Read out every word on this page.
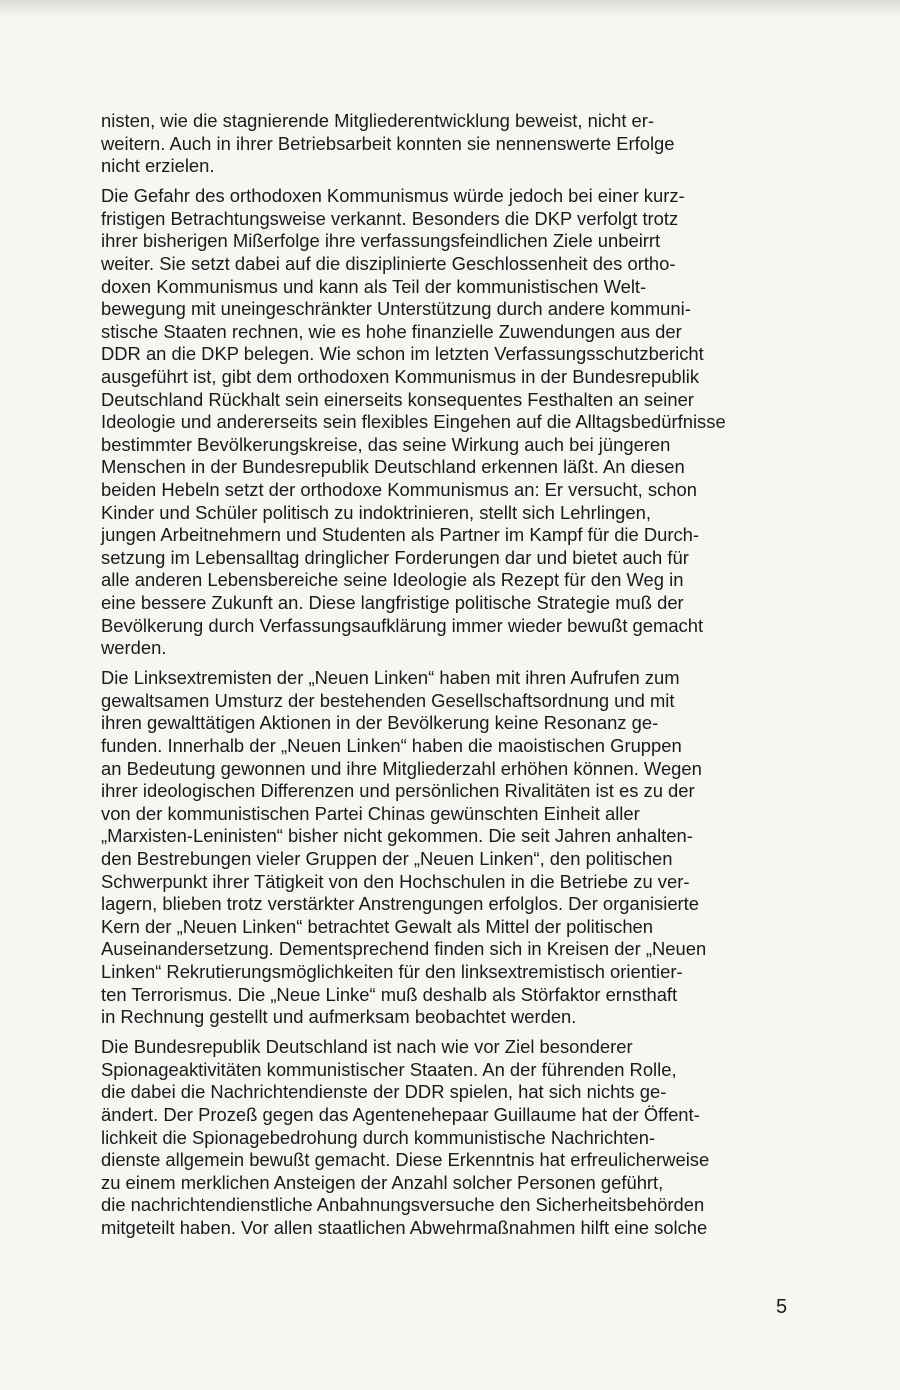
nisten, wie die stagnierende Mitgliederentwicklung beweist, nicht er-
weitern. Auch in ihrer Betriebsarbeit konnten sie nennenswerte Erfolge
nicht erzielen.
Die Gefahr des orthodoxen Kommunismus würde jedoch bei einer kurz-
fristigen Betrachtungsweise verkannt. Besonders die DKP verfolgt trotz
ihrer bisherigen Mißerfolge ihre verfassungsfeindlichen Ziele unbeirrt
weiter. Sie setzt dabei auf die disziplinierte Geschlossenheit des ortho-
doxen Kommunismus und kann als Teil der kommunistischen Welt-
bewegung mit uneingeschränkter Unterstützung durch andere kommuni-
stische Staaten rechnen, wie es hohe finanzielle Zuwendungen aus der
DDR an die DKP belegen. Wie schon im letzten Verfassungsschutzbericht
ausgeführt ist, gibt dem orthodoxen Kommunismus in der Bundesrepublik
Deutschland Rückhalt sein einerseits konsequentes Festhalten an seiner
Ideologie und andererseits sein flexibles Eingehen auf die Alltagsbedürfnisse
bestimmter Bevölkerungskreise, das seine Wirkung auch bei jüngeren
Menschen in der Bundesrepublik Deutschland erkennen läßt. An diesen
beiden Hebeln setzt der orthodoxe Kommunismus an: Er versucht, schon
Kinder und Schüler politisch zu indoktrinieren, stellt sich Lehrlingen,
jungen Arbeitnehmern und Studenten als Partner im Kampf für die Durch-
setzung im Lebensalltag dringlicher Forderungen dar und bietet auch für
alle anderen Lebensbereiche seine Ideologie als Rezept für den Weg in
eine bessere Zukunft an. Diese langfristige politische Strategie muß der
Bevölkerung durch Verfassungsaufklärung immer wieder bewußt gemacht
werden.
Die Linksextremisten der „Neuen Linken“ haben mit ihren Aufrufen zum
gewaltsamen Umsturz der bestehenden Gesellschaftsordnung und mit
ihren gewalttätigen Aktionen in der Bevölkerung keine Resonanz ge-
funden. Innerhalb der „Neuen Linken“ haben die maoistischen Gruppen
an Bedeutung gewonnen und ihre Mitgliederzahl erhöhen können. Wegen
ihrer ideologischen Differenzen und persönlichen Rivalitäten ist es zu der
von der kommunistischen Partei Chinas gewünschten Einheit aller
„Marxisten-Leninisten“ bisher nicht gekommen. Die seit Jahren anhalten-
den Bestrebungen vieler Gruppen der „Neuen Linken“, den politischen
Schwerpunkt ihrer Tätigkeit von den Hochschulen in die Betriebe zu ver-
lagern, blieben trotz verstärkter Anstrengungen erfolglos. Der organisierte
Kern der „Neuen Linken“ betrachtet Gewalt als Mittel der politischen
Auseinandersetzung. Dementsprechend finden sich in Kreisen der „Neuen
Linken“ Rekrutierungsmöglichkeiten für den linksextremistisch orientier-
ten Terrorismus. Die „Neue Linke“ muß deshalb als Störfaktor ernsthaft
in Rechnung gestellt und aufmerksam beobachtet werden.
Die Bundesrepublik Deutschland ist nach wie vor Ziel besonderer
Spionageaktivitäten kommunistischer Staaten. An der führenden Rolle,
die dabei die Nachrichtendienste der DDR spielen, hat sich nichts ge-
ändert. Der Prozeß gegen das Agentenehepaar Guillaume hat der Öffent-
lichkeit die Spionagebedrohung durch kommunistische Nachrichten-
dienste allgemein bewußt gemacht. Diese Erkenntnis hat erfreulicherweise
zu einem merklichen Ansteigen der Anzahl solcher Personen geführt,
die nachrichtendienstliche Anbahnungsversuche den Sicherheitsbehörden
mitgeteilt haben. Vor allen staatlichen Abwehrmaßnahmen hilft eine solche
5
